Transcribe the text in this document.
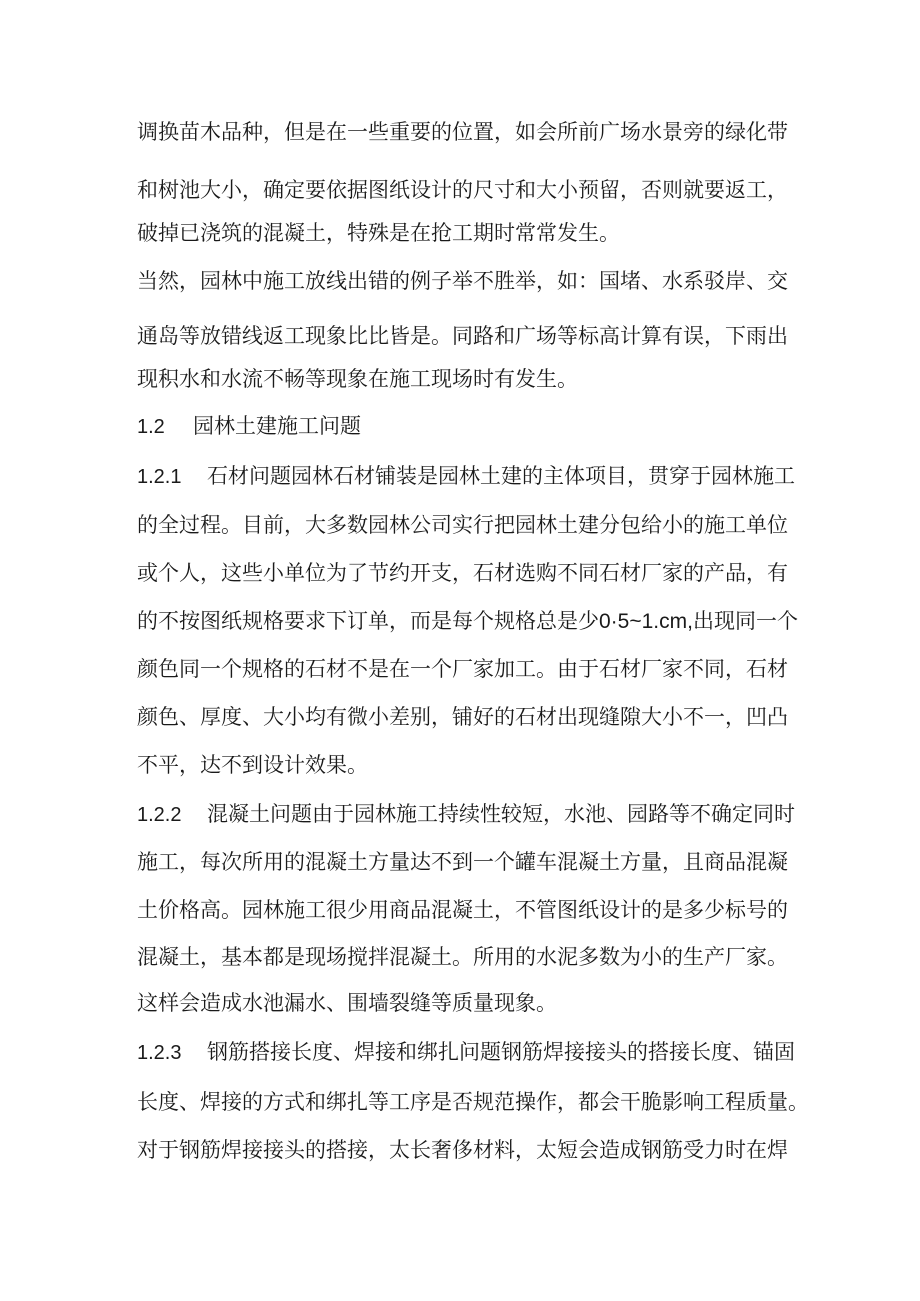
调换苗木品种，但是在一些重要的位置，如会所前广场水景旁的绿化带
和树池大小，确定要依据图纸设计的尺寸和大小预留，否则就要返工，
破掉已浇筑的混凝土，特殊是在抢工期时常常发生。
当然，园林中施工放线出错的例子举不胜举，如：国堵、水系驳岸、交
通岛等放错线返工现象比比皆是。同路和广场等标高计算有误，下雨出
现积水和水流不畅等现象在施工现场时有发生。
1.2 园林土建施工问题
1.2.1 石材问题园林石材铺装是园林土建的主体项目，贯穿于园林施工
的全过程。目前，大多数园林公司实行把园林土建分包给小的施工单位
或个人，这些小单位为了节约开支，石材选购不同石材厂家的产品，有
的不按图纸规格要求下订单，而是每个规格总是少0·5~1.cm,出现同一个
颜色同一个规格的石材不是在一个厂家加工。由于石材厂家不同，石材
颜色、厚度、大小均有微小差别，铺好的石材出现缝隙大小不一，凹凸
不平，达不到设计效果。
1.2.2 混凝土问题由于园林施工持续性较短，水池、园路等不确定同时
施工，每次所用的混凝土方量达不到一个罐车混凝土方量，且商品混凝
土价格高。园林施工很少用商品混凝土，不管图纸设计的是多少标号的
混凝土，基本都是现场搅拌混凝土。所用的水泥多数为小的生产厂家。
这样会造成水池漏水、围墙裂缝等质量现象。
1.2.3 钢筋搭接长度、焊接和绑扎问题钢筋焊接接头的搭接长度、锚固
长度、焊接的方式和绑扎等工序是否规范操作，都会干脆影响工程质量。
对于钢筋焊接接头的搭接，太长奢侈材料，太短会造成钢筋受力时在焊
